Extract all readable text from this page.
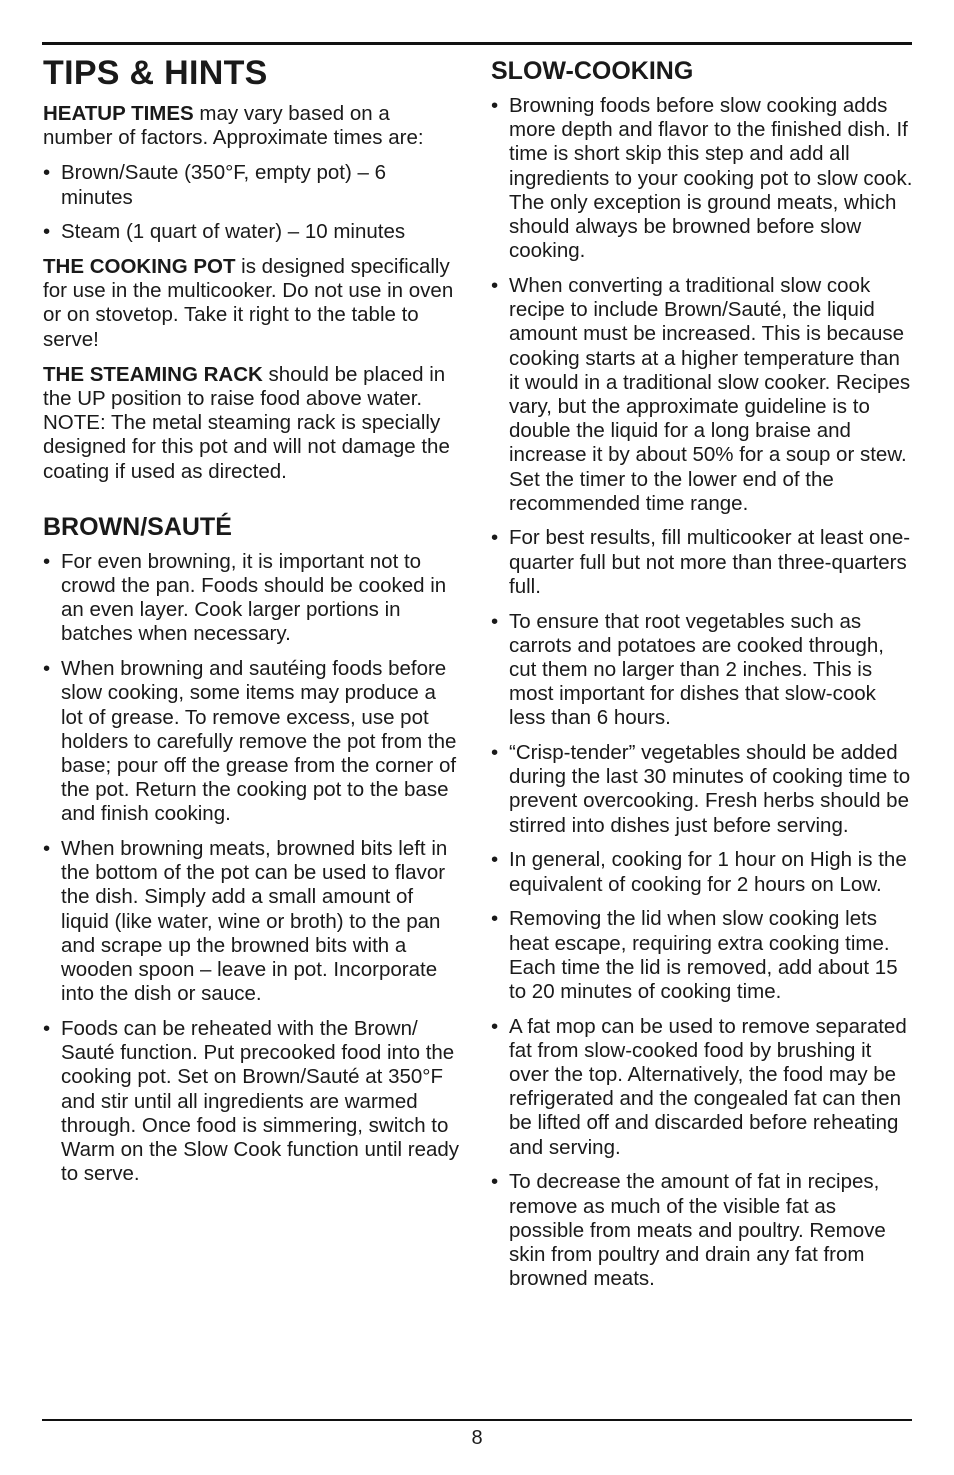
TIPS & HINTS

HEATUP TIMES may vary based on a number of factors. Approximate times are:

• Brown/Saute (350°F, empty pot) – 6 minutes
• Steam (1 quart of water) – 10 minutes

THE COOKING POT is designed specifically for use in the multicooker. Do not use in oven or on stovetop. Take it right to the table to serve!

THE STEAMING RACK should be placed in the UP position to raise food above water. NOTE: The metal steaming rack is specially designed for this pot and will not damage the coating if used as directed.

BROWN/SAUTÉ
• For even browning, it is important not to crowd the pan. Foods should be cooked in an even layer. Cook larger portions in batches when necessary.
• When browning and sautéing foods before slow cooking, some items may produce a lot of grease. To remove excess, use pot holders to carefully remove the pot from the base; pour off the grease from the corner of the pot. Return the cooking pot to the base and finish cooking.
• When browning meats, browned bits left in the bottom of the pot can be used to flavor the dish. Simply add a small amount of liquid (like water, wine or broth) to the pan and scrape up the browned bits with a wooden spoon – leave in pot. Incorporate into the dish or sauce.
• Foods can be reheated with the Brown/ Sauté function. Put precooked food into the cooking pot. Set on Brown/Sauté at 350°F and stir until all ingredients are warmed through. Once food is simmering, switch to Warm on the Slow Cook function until ready to serve.
SLOW-COOKING
• Browning foods before slow cooking adds more depth and flavor to the finished dish. If time is short skip this step and add all ingredients to your cooking pot to slow cook. The only exception is ground meats, which should always be browned before slow cooking.
• When converting a traditional slow cook recipe to include Brown/Sauté, the liquid amount must be increased. This is because cooking starts at a higher temperature than it would in a traditional slow cooker. Recipes vary, but the approximate guideline is to double the liquid for a long braise and increase it by about 50% for a soup or stew. Set the timer to the lower end of the recommended time range.
• For best results, fill multicooker at least one-quarter full but not more than three-quarters full.
• To ensure that root vegetables such as carrots and potatoes are cooked through, cut them no larger than 2 inches. This is most important for dishes that slow-cook less than 6 hours.
• “Crisp-tender” vegetables should be added during the last 30 minutes of cooking time to prevent overcooking. Fresh herbs should be stirred into dishes just before serving.
• In general, cooking for 1 hour on High is the equivalent of cooking for 2 hours on Low.
• Removing the lid when slow cooking lets heat escape, requiring extra cooking time. Each time the lid is removed, add about 15 to 20 minutes of cooking time.
• A fat mop can be used to remove separated fat from slow-cooked food by brushing it over the top. Alternatively, the food may be refrigerated and the congealed fat can then be lifted off and discarded before reheating and serving.
• To decrease the amount of fat in recipes, remove as much of the visible fat as possible from meats and poultry. Remove skin from poultry and drain any fat from browned meats.
8
